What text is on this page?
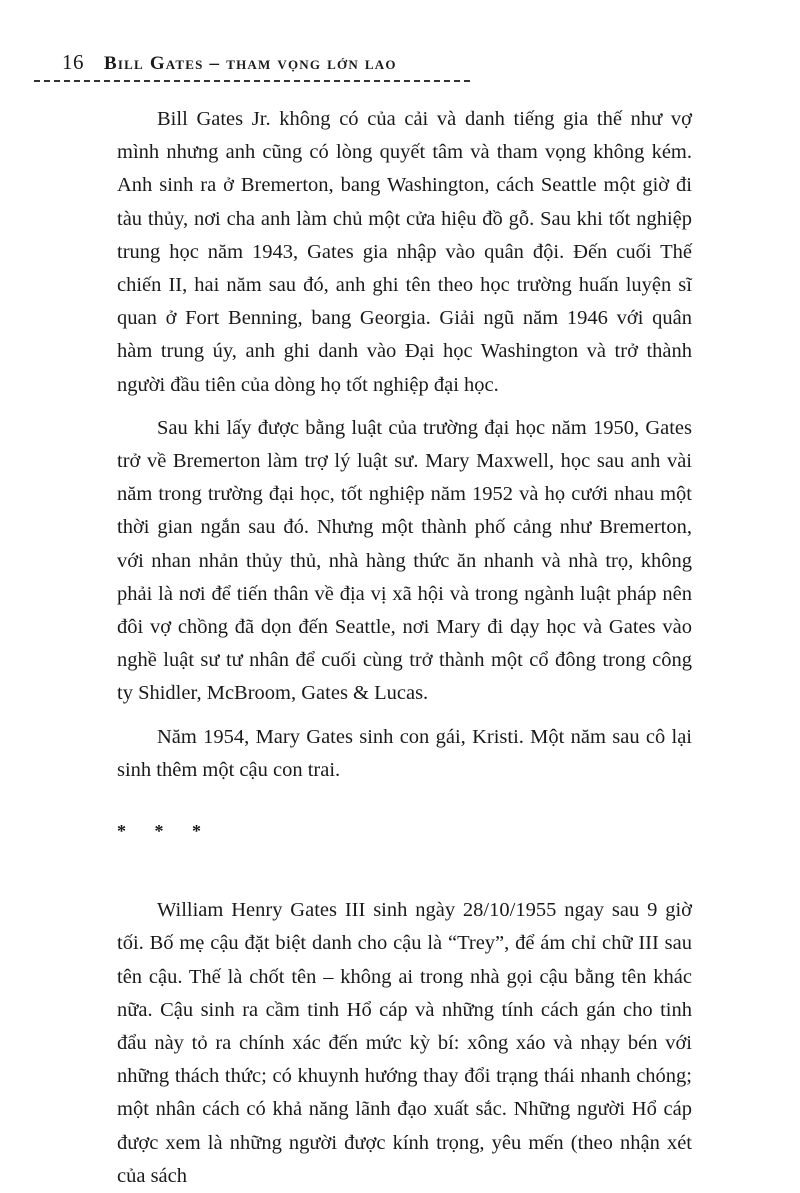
16 Bill Gates – tham vọng lớn lao

Bill Gates Jr. không có của cải và danh tiếng gia thế như vợ mình nhưng anh cũng có lòng quyết tâm và tham vọng không kém. Anh sinh ra ở Bremerton, bang Washington, cách Seattle một giờ đi tàu thủy, nơi cha anh làm chủ một cửa hiệu đồ gỗ. Sau khi tốt nghiệp trung học năm 1943, Gates gia nhập vào quân đội. Đến cuối Thế chiến II, hai năm sau đó, anh ghi tên theo học trường huấn luyện sĩ quan ở Fort Benning, bang Georgia. Giải ngũ năm 1946 với quân hàm trung úy, anh ghi danh vào Đại học Washington và trở thành người đầu tiên của dòng họ tốt nghiệp đại học.

Sau khi lấy được bằng luật của trường đại học năm 1950, Gates trở về Bremerton làm trợ lý luật sư. Mary Maxwell, học sau anh vài năm trong trường đại học, tốt nghiệp năm 1952 và họ cưới nhau một thời gian ngắn sau đó. Nhưng một thành phố cảng như Bremerton, với nhan nhản thủy thủ, nhà hàng thức ăn nhanh và nhà trọ, không phải là nơi để tiến thân về địa vị xã hội và trong ngành luật pháp nên đôi vợ chồng đã dọn đến Seattle, nơi Mary đi dạy học và Gates vào nghề luật sư tư nhân để cuối cùng trở thành một cổ đông trong công ty Shidler, McBroom, Gates & Lucas.

Năm 1954, Mary Gates sinh con gái, Kristi. Một năm sau cô lại sinh thêm một cậu con trai.

* * *

William Henry Gates III sinh ngày 28/10/1955 ngay sau 9 giờ tối. Bố mẹ cậu đặt biệt danh cho cậu là “Trey”, để ám chỉ chữ III sau tên cậu. Thế là chốt tên – không ai trong nhà gọi cậu bằng tên khác nữa. Cậu sinh ra cầm tinh Hổ cáp và những tính cách gán cho tinh đẩu này tỏ ra chính xác đến mức kỳ bí: xông xáo và nhạy bén với những thách thức; có khuynh hướng thay đổi trạng thái nhanh chóng; một nhân cách có khả năng lãnh đạo xuất sắc. Những người Hổ cáp được xem là những người được kính trọng, yêu mến (theo nhận xét của sách
